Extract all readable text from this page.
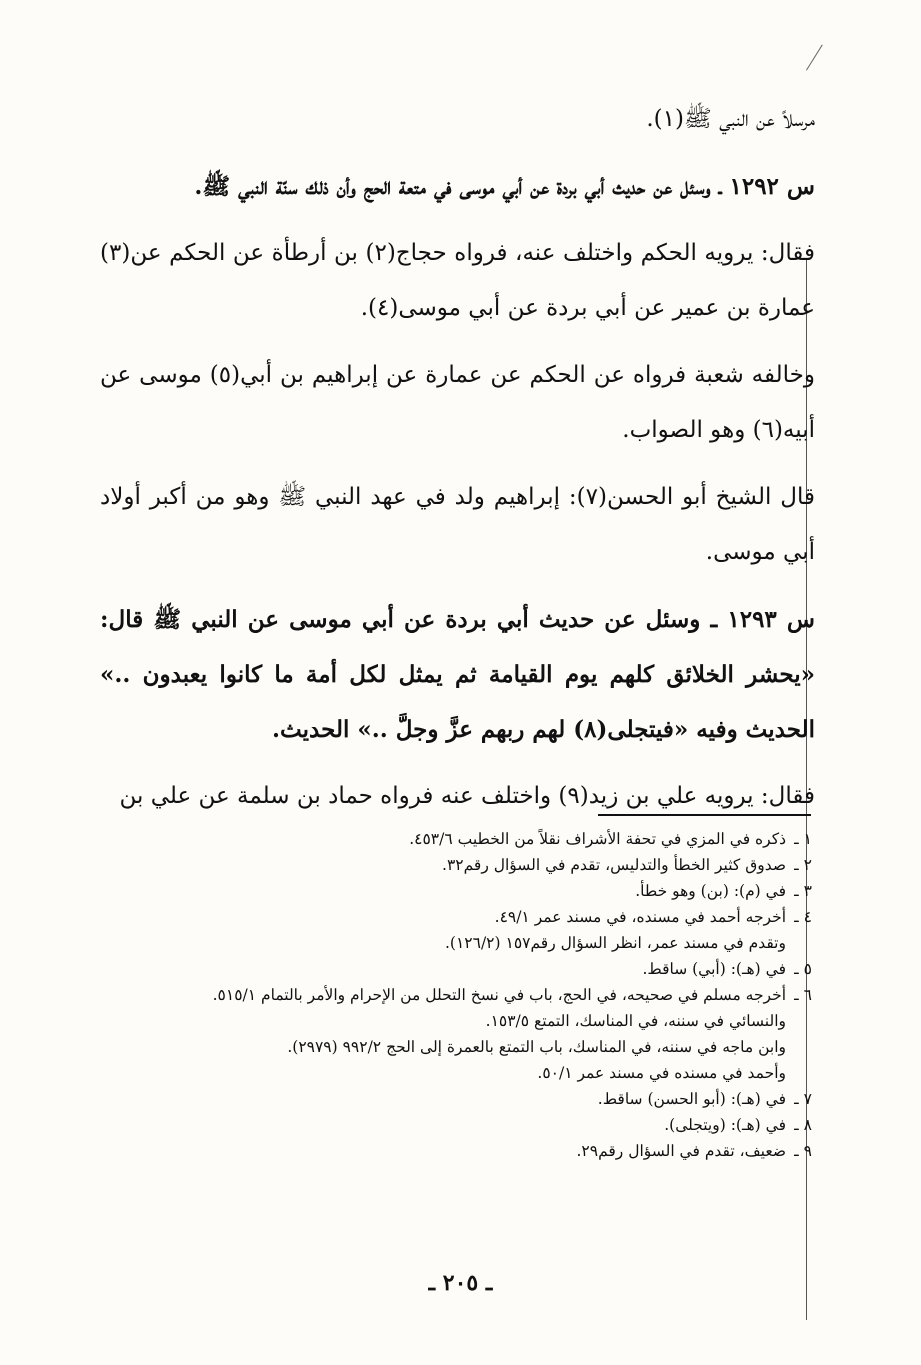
مرسلاً عن النبي ﷺ(١).

س ١٢٩٢ ـ وسئل عن حديث أبي بردة عن أبي موسى في متعة الحج وأن ذلك سنّة النبي ﷺ.

فقال: يرويه الحكم واختلف عنه، فرواه حجاج(٢) بن أرطأة عن الحكم عن(٣) عمارة بن عمير عن أبي بردة عن أبي موسى(٤).

وخالفه شعبة فرواه عن الحكم عن عمارة عن إبراهيم بن أبي(٥) موسى عن أبيه(٦) وهو الصواب.

قال الشيخ أبو الحسن(٧): إبراهيم ولد في عهد النبي ﷺ وهو من أكبر أولاد أبي موسى.

س ١٢٩٣ ـ وسئل عن حديث أبي بردة عن أبي موسى عن النبي ﷺ قال: «يحشر الخلائق كلهم يوم القيامة ثم يمثل لكل أمة ما كانوا يعبدون ..» الحديث وفيه «فيتجلى(٨) لهم ربهم عزَّ وجلَّ ..» الحديث.

فقال: يرويه علي بن زيد(٩) واختلف عنه فرواه حماد بن سلمة عن علي بن

١ ـ
ذكره في المزي في تحفة الأشراف نقلاً من الخطيب ٤٥٣/٦.
٢ ـ
صدوق كثير الخطأ والتدليس، تقدم في السؤال رقم٣٢.
٣ ـ
في (م): (بن) وهو خطأ.
٤ ـ
أخرجه أحمد في مسنده، في مسند عمر ٤٩/١.
وتقدم في مسند عمر، انظر السؤال رقم١٥٧ (١٢٦/٢).
٥ ـ
في (هـ): (أبي) ساقط.
٦ ـ
أخرجه مسلم في صحيحه، في الحج، باب في نسخ التحلل من الإحرام والأمر بالتمام ٥١٥/١.
والنسائي في سننه، في المناسك، التمتع ١٥٣/٥.
وابن ماجه في سننه، في المناسك، باب التمتع بالعمرة إلى الحج ٩٩٢/٢ (٢٩٧٩).
وأحمد في مسنده في مسند عمر ٥٠/١.
٧ ـ
في (هـ): (أبو الحسن) ساقط.
٨ ـ
في (هـ): (ويتجلى).
٩ ـ
ضعيف، تقدم في السؤال رقم٢٩.
ـ ٢٠٥ ـ
